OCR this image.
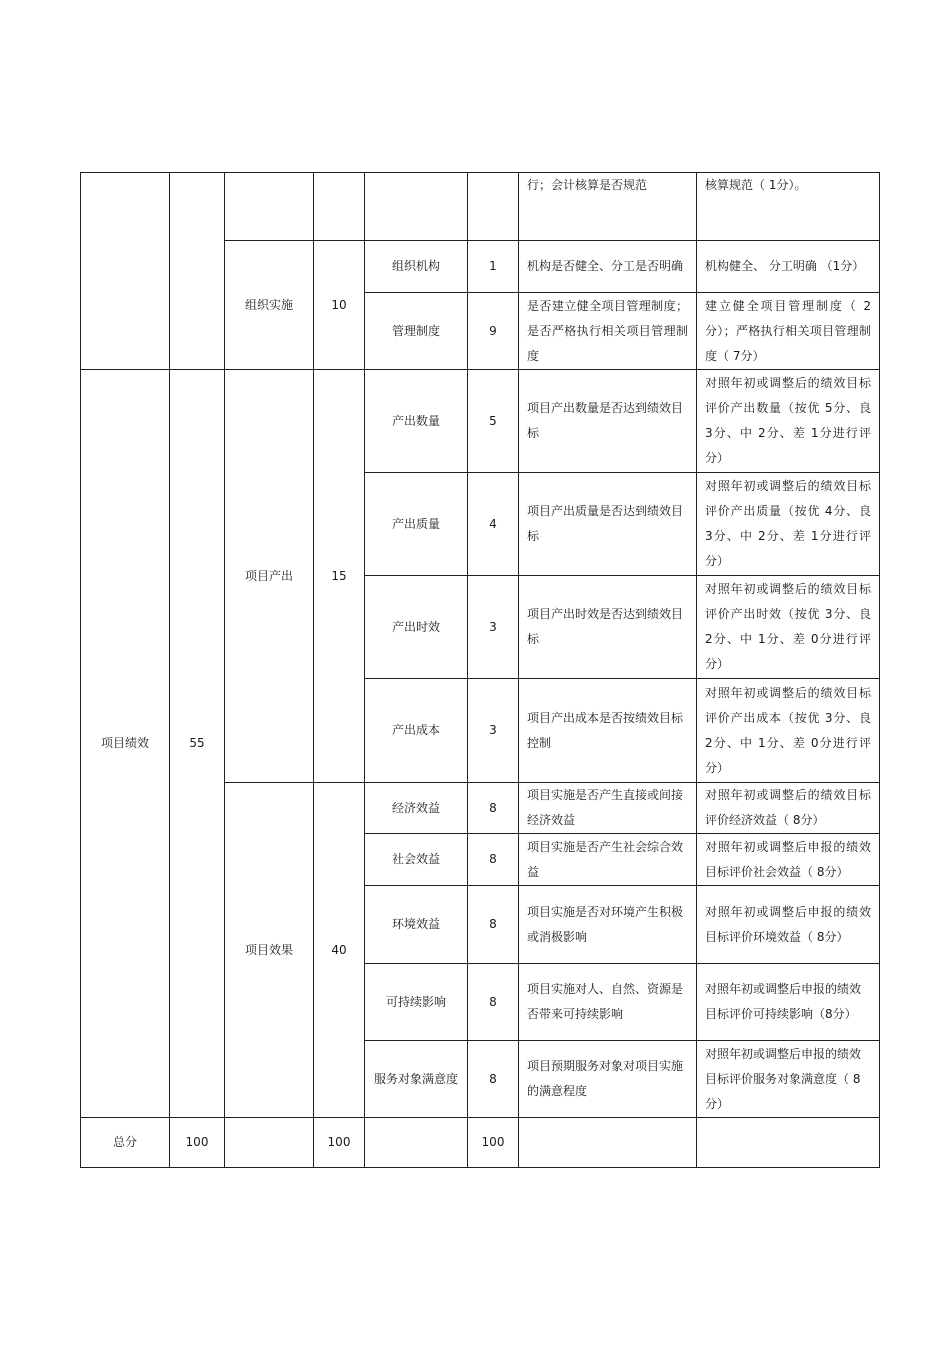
						行；会计核算是否规范	核算规范（ 1分）。
		组织实施	10	组织机构	1	机构是否健全、分工是否明确	机构健全、 分工明确 （1分）
				管理制度	9	是否建立健全项目管理制度；是否严格执行相关项目管理制度	建立健全项目管理制度（ 2分）；严格执行相关项目管理制度（ 7分）
项目绩效	55	项目产出	15	产出数量	5	项目产出数量是否达到绩效目标	对照年初或调整后的绩效目标评价产出数量（按优 5分、良 3分、中 2分、差 1分进行评分）
				产出质量	4	项目产出质量是否达到绩效目标	对照年初或调整后的绩效目标评价产出质量（按优 4分、良 3分、中 2分、差 1分进行评分）
				产出时效	3	项目产出时效是否达到绩效目标	对照年初或调整后的绩效目标评价产出时效（按优 3分、良 2分、中 1分、差 0分进行评分）
				产出成本	3	项目产出成本是否按绩效目标控制	对照年初或调整后的绩效目标评价产出成本（按优 3分、良 2分、中 1分、差 0分进行评分）
		项目效果	40	经济效益	8	项目实施是否产生直接或间接经济效益	对照年初或调整后的绩效目标评价经济效益（ 8分）
				社会效益	8	项目实施是否产生社会综合效益	对照年初或调整后申报的绩效目标评价社会效益（ 8分）
				环境效益	8	项目实施是否对环境产生积极或消极影响	对照年初或调整后申报的绩效目标评价环境效益（ 8分）
				可持续影响	8	项目实施对人、自然、资源是否带来可持续影响	对照年初或调整后申报的绩效目标评价可持续影响（8分）
				服务对象满意度	8	项目预期服务对象对项目实施的满意程度	对照年初或调整后申报的绩效目标评价服务对象满意度（ 8分）
总分	100		100		100		
